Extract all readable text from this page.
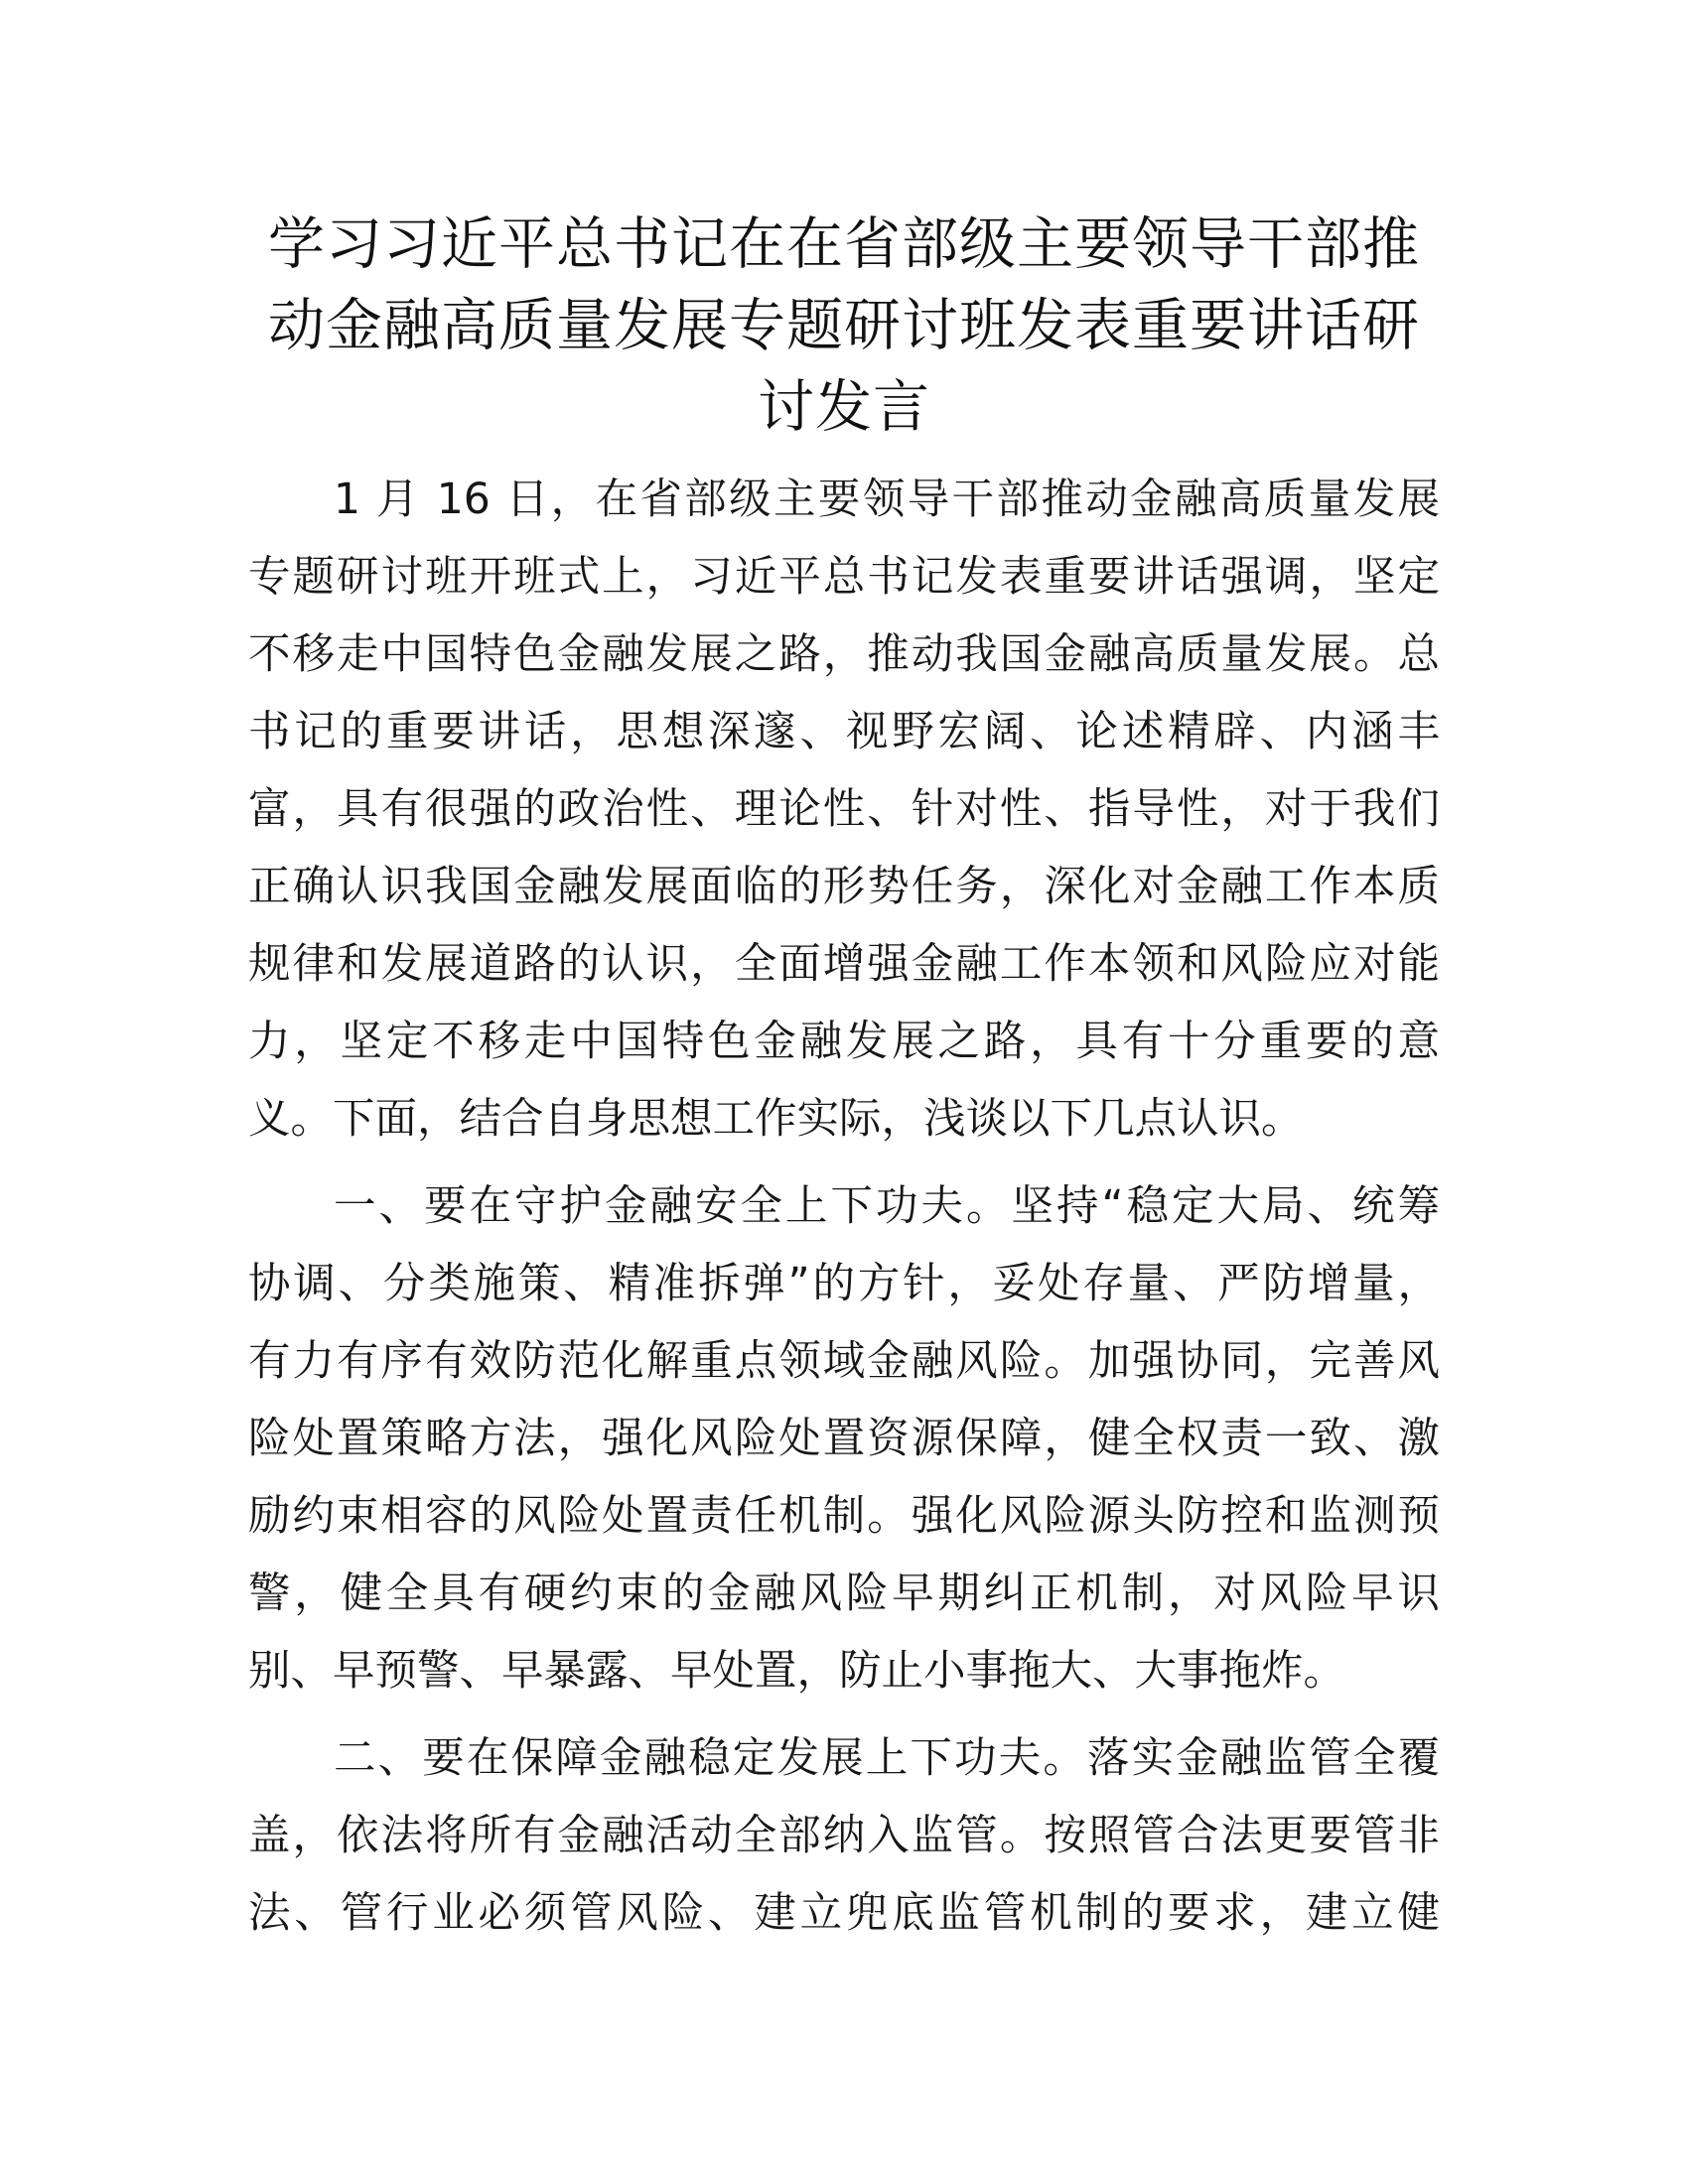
学习习近平总书记在在省部级主要领导干部推
动金融高质量发展专题研讨班发表重要讲话研
讨发言
1 月 16 日，在省部级主要领导干部推动金融高质量发展
专题研讨班开班式上，习近平总书记发表重要讲话强调，坚定
不移走中国特色金融发展之路，推动我国金融高质量发展。总
书记的重要讲话，思想深邃、视野宏阔、论述精辟、内涵丰
富，具有很强的政治性、理论性、针对性、指导性，对于我们
正确认识我国金融发展面临的形势任务，深化对金融工作本质
规律和发展道路的认识，全面增强金融工作本领和风险应对能
力，坚定不移走中国特色金融发展之路，具有十分重要的意
义。下面，结合自身思想工作实际，浅谈以下几点认识。
一、要在守护金融安全上下功夫。坚持“稳定大局、统筹
协调、分类施策、精准拆弹”的方针，妥处存量、严防增量，
有力有序有效防范化解重点领域金融风险。加强协同，完善风
险处置策略方法，强化风险处置资源保障，健全权责一致、激
励约束相容的风险处置责任机制。强化风险源头防控和监测预
警，健全具有硬约束的金融风险早期纠正机制，对风险早识
别、早预警、早暴露、早处置，防止小事拖大、大事拖炸。
二、要在保障金融稳定发展上下功夫。落实金融监管全覆
盖，依法将所有金融活动全部纳入监管。按照管合法更要管非
法、管行业必须管风险、建立兜底监管机制的要求，建立健
